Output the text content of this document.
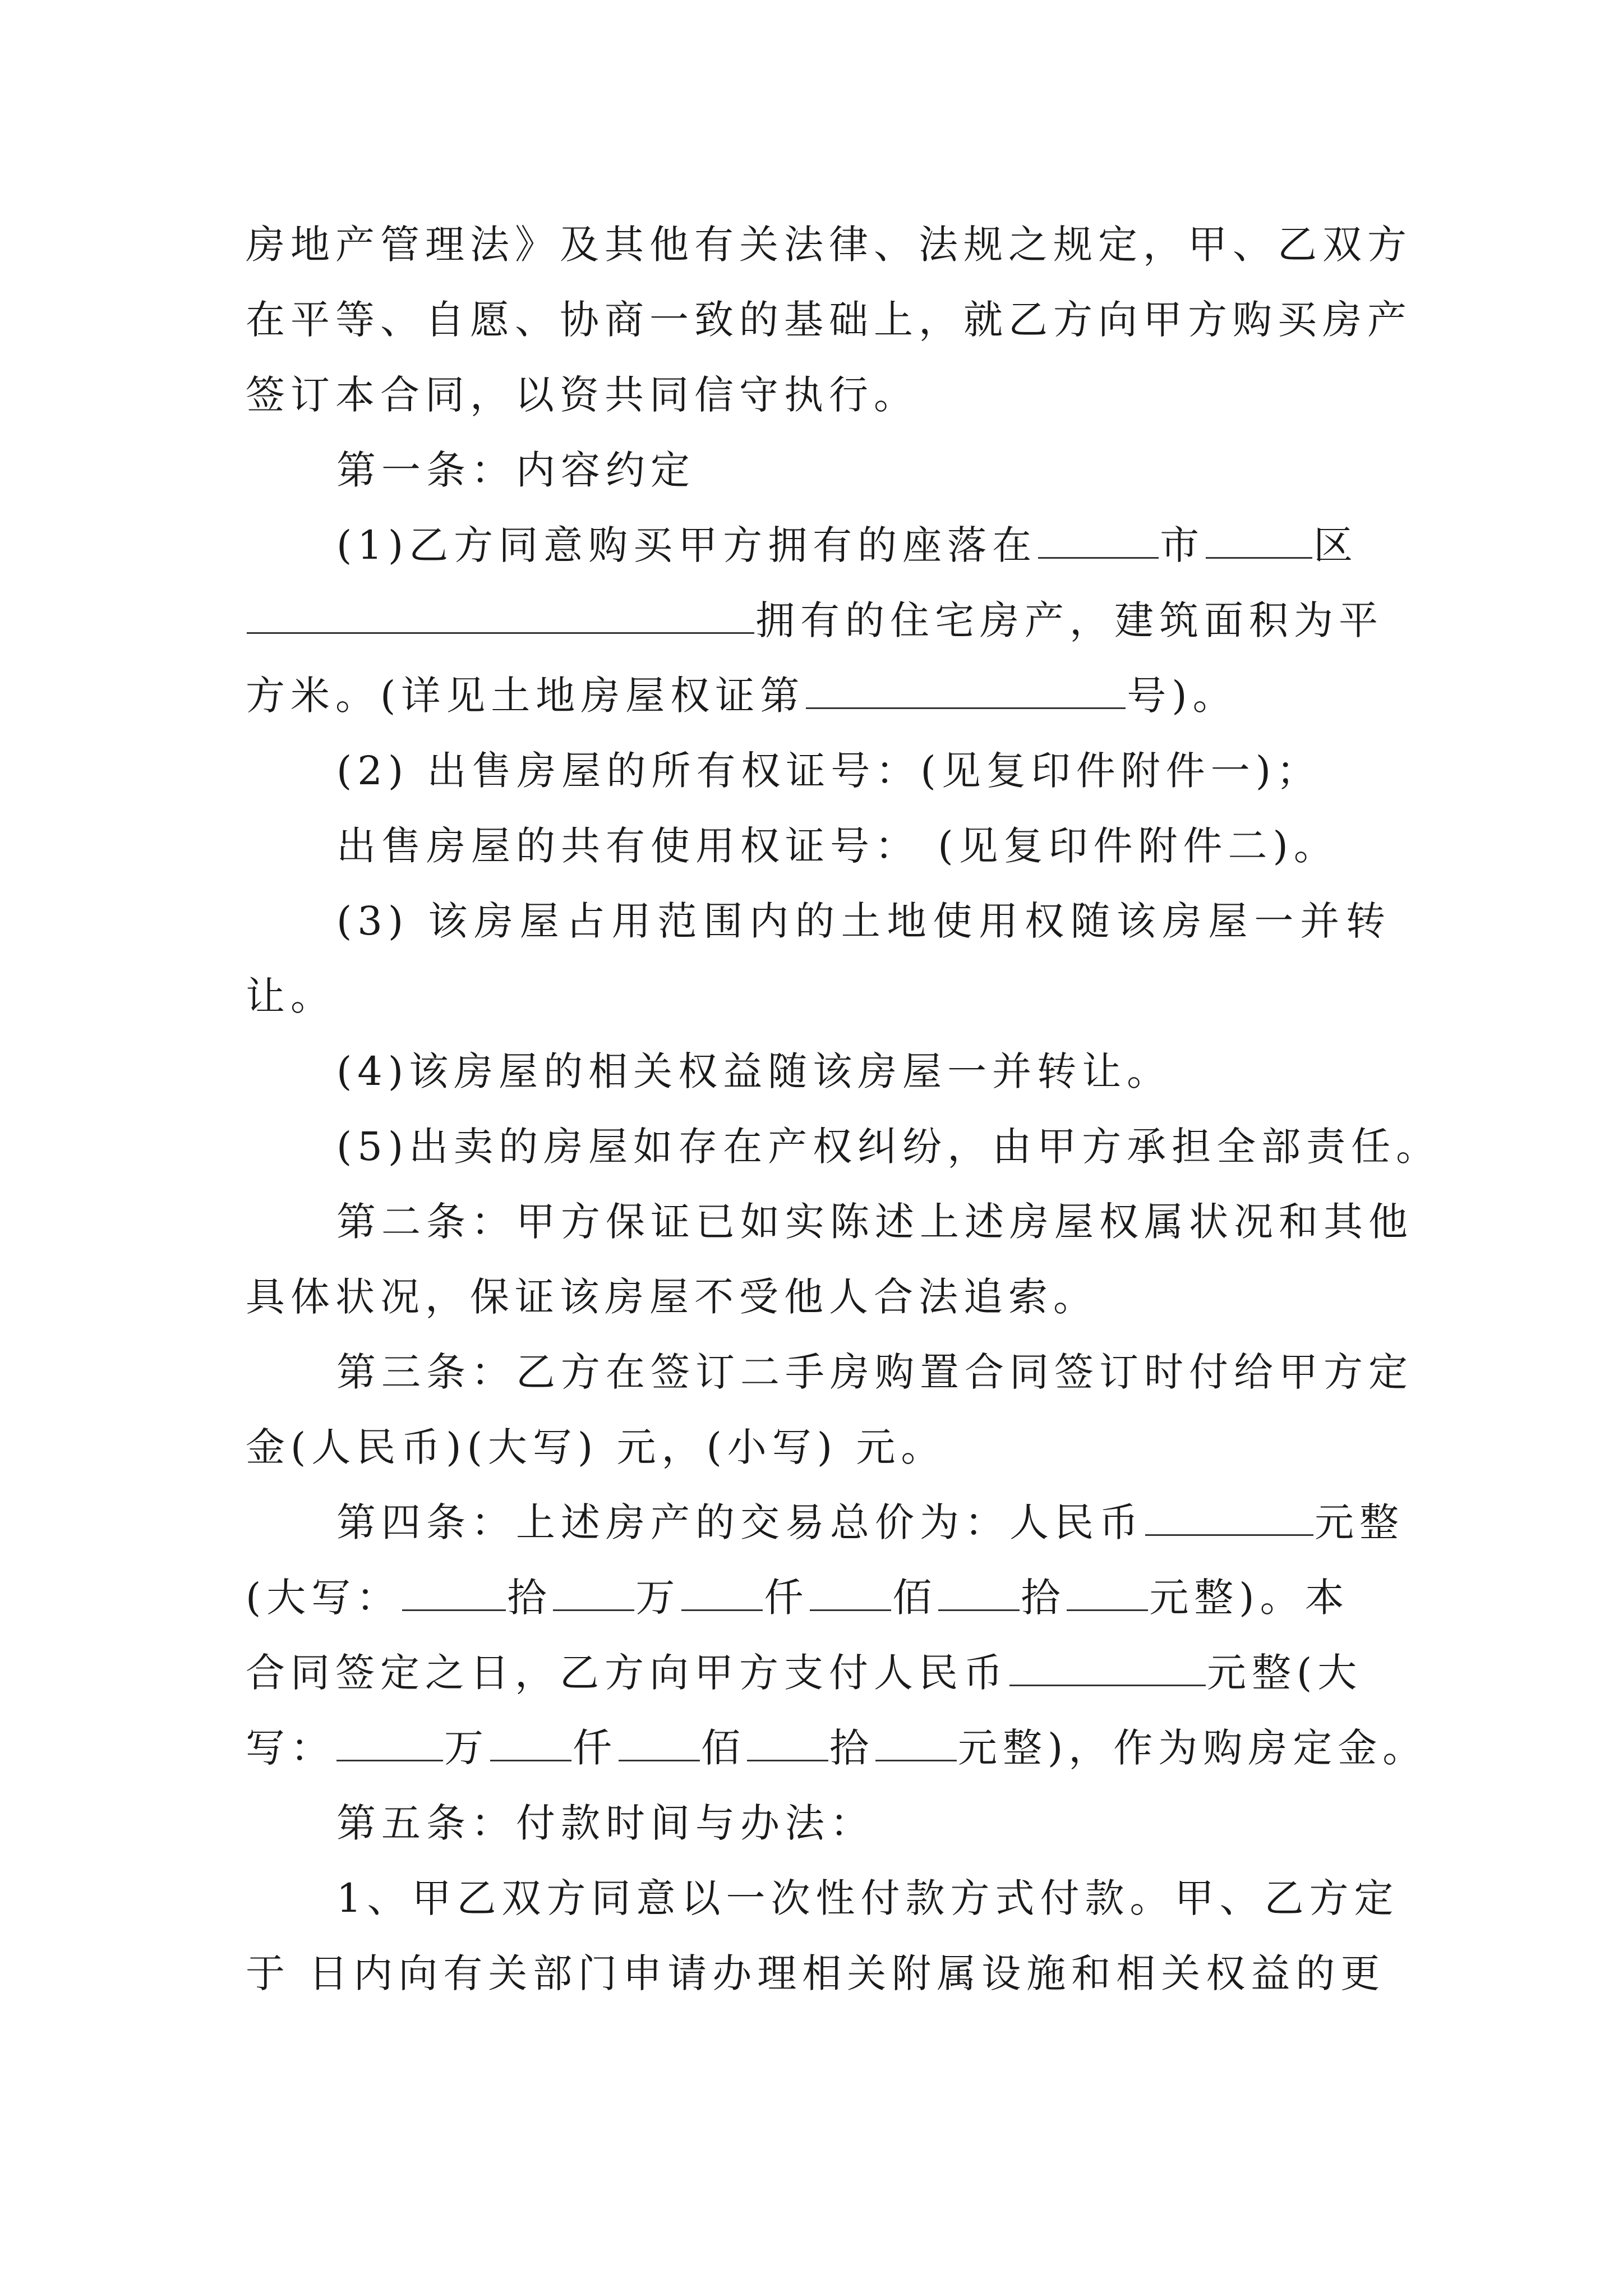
房地产管理法》及其他有关法律、法规之规定，甲、乙双方
在平等、自愿、协商一致的基础上，就乙方向甲方购买房产
签订本合同，以资共同信守执行。
第一条：内容约定
(1)乙方同意购买甲方拥有的座落在	市	区
拥有的住宅房产，建筑面积为平
方米。(详见土地房屋权证第	号)。
(2) 出售房屋的所有权证号：(见复印件附件一)；
出售房屋的共有使用权证号： (见复印件附件二)。
(3) 该房屋占用范围内的土地使用权随该房屋一并转
让。
(4)该房屋的相关权益随该房屋一并转让。
(5)出卖的房屋如存在产权纠纷，由甲方承担全部责任。
第二条：甲方保证已如实陈述上述房屋权属状况和其他
具体状况，保证该房屋不受他人合法追索。
第三条：乙方在签订二手房购置合同签订时付给甲方定
金(人民币)(大写) 元，(小写) 元。
第四条：上述房产的交易总价为：人民币	元整
(大写：	拾 万 仟 佰 拾 元整)。本
合同签定之日，乙方向甲方支付人民币	元整(大
写：	万 仟 佰 拾 元整)，作为购房定金。
第五条：付款时间与办法：
1、甲乙双方同意以一次性付款方式付款。甲、乙方定
于 日内向有关部门申请办理相关附属设施和相关权益的更
